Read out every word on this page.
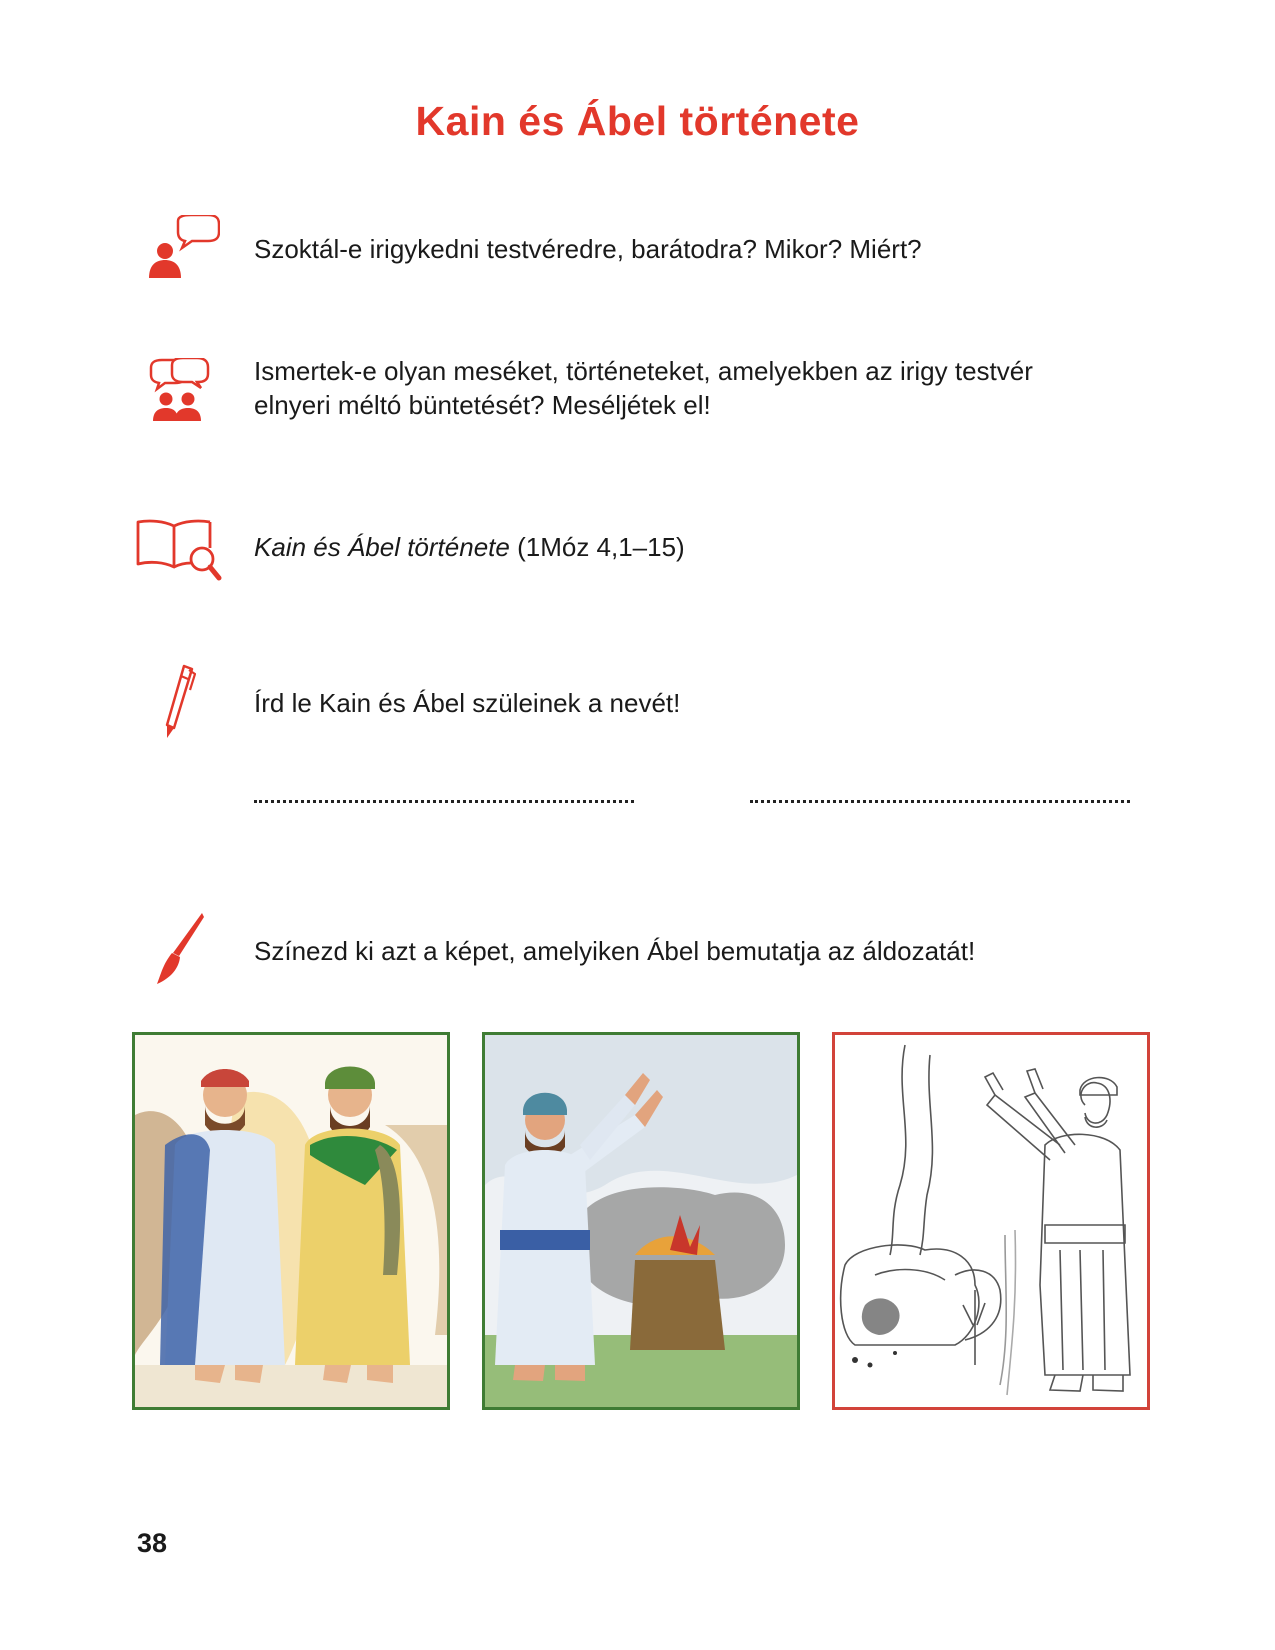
Kain és Ábel története
Szoktál-e irigykedni testvéredre, barátodra? Mikor? Miért?
Ismertek-e olyan meséket, történeteket, amelyekben az irigy testvér
elnyeri méltó büntetését? Meséljétek el!
Kain és Ábel története (1Móz 4,1–15)
Írd le Kain és Ábel szüleinek a nevét!
Színezd ki azt a képet, amelyiken Ábel bemutatja az áldozatát!
38
